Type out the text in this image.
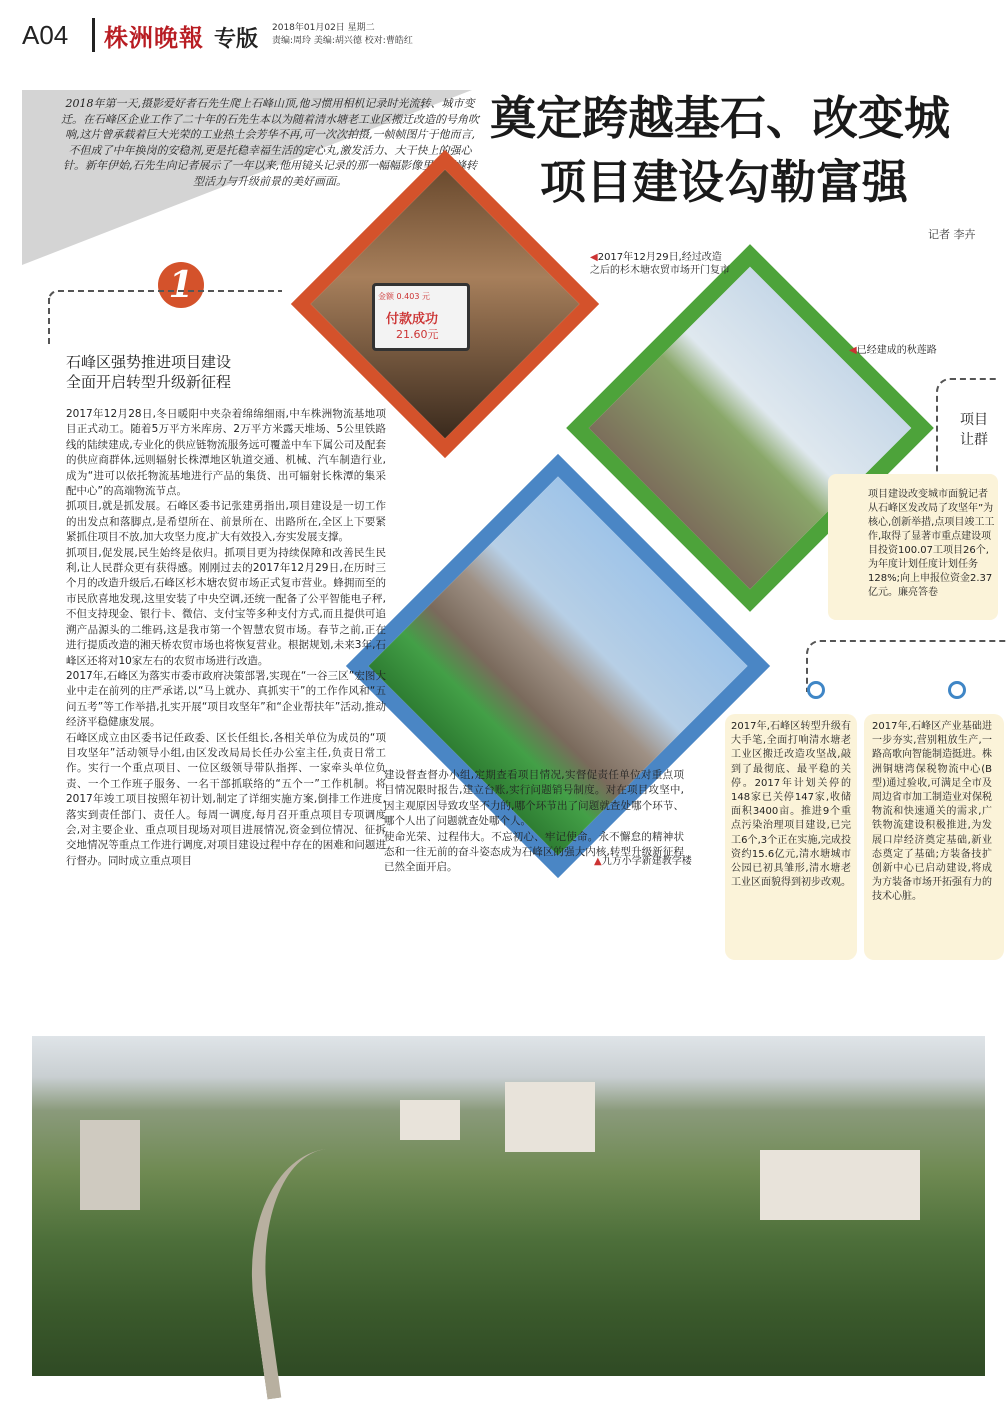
A04 株洲晚報 专版 2018年01月02日 星期二
责编:周玲 美编:胡兴德 校对:曹皓红
2018年第一天,摄影爱好者石先生爬上石峰山顶,他习惯用相机记录时光流转、城市变迁。在石峰区企业工作了二十年的石先生本以为随着清水塘老工业区搬迁改造的号角吹响,这片曾承载着巨大光荣的工业热土会芳华不再,可一次次拍摄,一帧帧图片于他而言,不但成了中年换岗的安稳剂,更是托稳幸福生活的定心丸,激发活力、大干快上的强心针。新年伊始,石先生向记者展示了一年以来,他用镜头记录的那一幅幅影像里看石峰转型活力与升级前景的美好画面。
奠定跨越基石、改变城
项目建设勾勒富强
记者 李卉
金额 0.403 元
付款成功
21.60元
1
石峰区强势推进项目建设
全面开启转型升级新征程
2017年12月28日,冬日暖阳中夹杂着绵绵细雨,中车株洲物流基地项目正式动工。随着5万平方米库房、2万平方米露天堆场、5公里铁路线的陆续建成,专业化的供应链物流服务远可覆盖中车下属公司及配套的供应商群体,远则辐射长株潭地区轨道交通、机械、汽车制造行业,成为“进可以依托物流基地进行产品的集货、出可辐射长株潭的集采配中心”的高端物流节点。
抓项目,就是抓发展。石峰区委书记张建勇指出,项目建设是一切工作的出发点和落脚点,是希望所在、前景所在、出路所在,全区上下要紧紧抓住项目不放,加大攻坚力度,扩大有效投入,夯实发展支撑。
抓项目,促发展,民生始终是依归。抓项目更为持续保障和改善民生民利,让人民群众更有获得感。刚刚过去的2017年12月29日,在历时三个月的改造升级后,石峰区杉木塘农贸市场正式复市营业。蜂拥而至的市民欣喜地发现,这里安装了中央空调,还统一配备了公平智能电子秤,不但支持现金、银行卡、微信、支付宝等多种支付方式,而且提供可追溯产品源头的二维码,这是我市第一个智慧农贸市场。春节之前,正在进行提质改造的湘天桥农贸市场也将恢复营业。根据规划,未来3年,石峰区还将对10家左右的农贸市场进行改造。
2017年,石峰区为落实市委市政府决策部署,实现在“一谷三区”宏图大业中走在前列的庄严承诺,以“马上就办、真抓实干”的工作作风和“五问五考”等工作举措,扎实开展“项目攻坚年”和“企业帮扶年”活动,推动经济平稳健康发展。
石峰区成立由区委书记任政委、区长任组长,各相关单位为成员的“项目攻坚年”活动领导小组,由区发改局局长任办公室主任,负责日常工作。实行一个重点项目、一位区级领导带队指挥、一家牵头单位负责、一个工作班子服务、一名干部抓联络的“五个一”工作机制。将2017年竣工项目按照年初计划,制定了详细实施方案,倒排工作进度,落实到责任部门、责任人。每周一调度,每月召开重点项目专项调度会,对主要企业、重点项目现场对项目进展情况,资金到位情况、征拆交地情况等重点工作进行调度,对项目建设过程中存在的困难和问题进行督办。同时成立重点项目
建设督查督办小组,定期查看项目情况,实督促责任单位对重点项目情况限时报告,建立台账,实行问题销号制度。对在项目攻坚中,因主观原因导致攻坚不力的,哪个环节出了问题就查处哪个环节、哪个人出了问题就查处哪个人。
使命光荣、过程伟大。不忘初心、牢记使命。永不懈怠的精神状态和一往无前的奋斗姿态成为石峰区的强大内核,转型升级新征程已然全面开启。
◀2017年12月29日,经过改造之后的杉木塘农贸市场开门复市
◀已经建成的秋莲路
▲九方小学新建教学楼
项目
让群
项目建设改变城市面貌记者从石峰区发改局了攻坚年”为核心,创新举措,点项目竣工工作,取得了显著市重点建设项目投资100.07工项目26个,为年度计划任度计划任务128%;向上申报位资金2.37亿元。廉亮答卷
2017年,石峰区转型升级有大手笔,全面打响清水塘老工业区搬迁改造攻坚战,敲到了最彻底、最平稳的关停。2017年计划关停的148家已关停147家,收储面积3400亩。推进9个重点污染治理项目建设,已完工6个,3个正在实施,完成投资约15.6亿元,清水塘城市公园已初具雏形,清水塘老工业区面貌得到初步改观。
2017年,石峰区产业基础进一步夯实,营别粗放生产,一路高歌向智能制造挺进。株洲铜塘湾保税物流中心(B型)通过验收,可满足全市及周边省市加工制造业对保税物流和快速通关的需求,广铁物流建设积极推进,为发展口岸经济奠定基础,新业态奠定了基础;方装备技扩创新中心已启动建设,将成为方装备市场开拓强有力的技术心脏。
